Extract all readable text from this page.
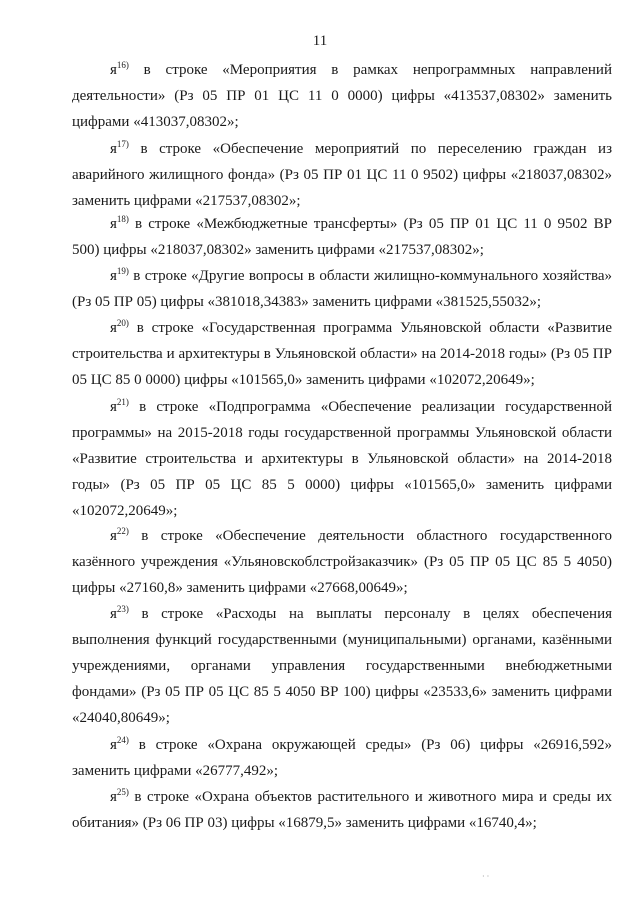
11

$я^{16)}$ в строке «Мероприятия в рамках непрограммных направлений деятельности» (Рз 05 ПР 01 ЦС 11 0 0000) цифры «413537,08302» заменить цифрами «413037,08302»;

$я^{17)}$ в строке «Обеспечение мероприятий по переселению граждан из аварийного жилищного фонда» (Рз 05 ПР 01 ЦС 11 0 9502) цифры «218037,08302» заменить цифрами «217537,08302»;

$я^{18)}$ в строке «Межбюджетные трансферты» (Рз 05 ПР 01 ЦС 11 0 9502 ВР 500) цифры «218037,08302» заменить цифрами «217537,08302»;

$я^{19)}$ в строке «Другие вопросы в области жилищно-коммунального хозяйства» (Рз 05 ПР 05) цифры «381018,34383» заменить цифрами «381525,55032»;

$я^{20)}$ в строке «Государственная программа Ульяновской области «Развитие строительства и архитектуры в Ульяновской области» на 2014-2018 годы» (Рз 05 ПР 05 ЦС 85 0 0000) цифры «101565,0» заменить цифрами «102072,20649»;

$я^{21)}$ в строке «Подпрограмма «Обеспечение реализации государственной программы» на 2015-2018 годы государственной программы Ульяновской области «Развитие строительства и архитектуры в Ульяновской области» на 2014-2018 годы» (Рз 05 ПР 05 ЦС 85 5 0000) цифры «101565,0» заменить цифрами «102072,20649»;

$я^{22)}$ в строке «Обеспечение деятельности областного государственного казённого учреждения «Ульяновскоблстройзаказчик» (Рз 05 ПР 05 ЦС 85 5 4050) цифры «27160,8» заменить цифрами «27668,00649»;

$я^{23)}$ в строке «Расходы на выплаты персоналу в целях обеспечения выполнения функций государственными (муниципальными) органами, казёнными учреждениями, органами управления государственными внебюджетными фондами» (Рз 05 ПР 05 ЦС 85 5 4050 ВР 100) цифры «23533,6» заменить цифрами «24040,80649»;

$я^{24)}$ в строке «Охрана окружающей среды» (Рз 06) цифры «26916,592» заменить цифрами «26777,492»;

$я^{25)}$ в строке «Охрана объектов растительного и животного мира и среды их обитания» (Рз 06 ПР 03) цифры «16879,5» заменить цифрами «16740,4»;

· ·
